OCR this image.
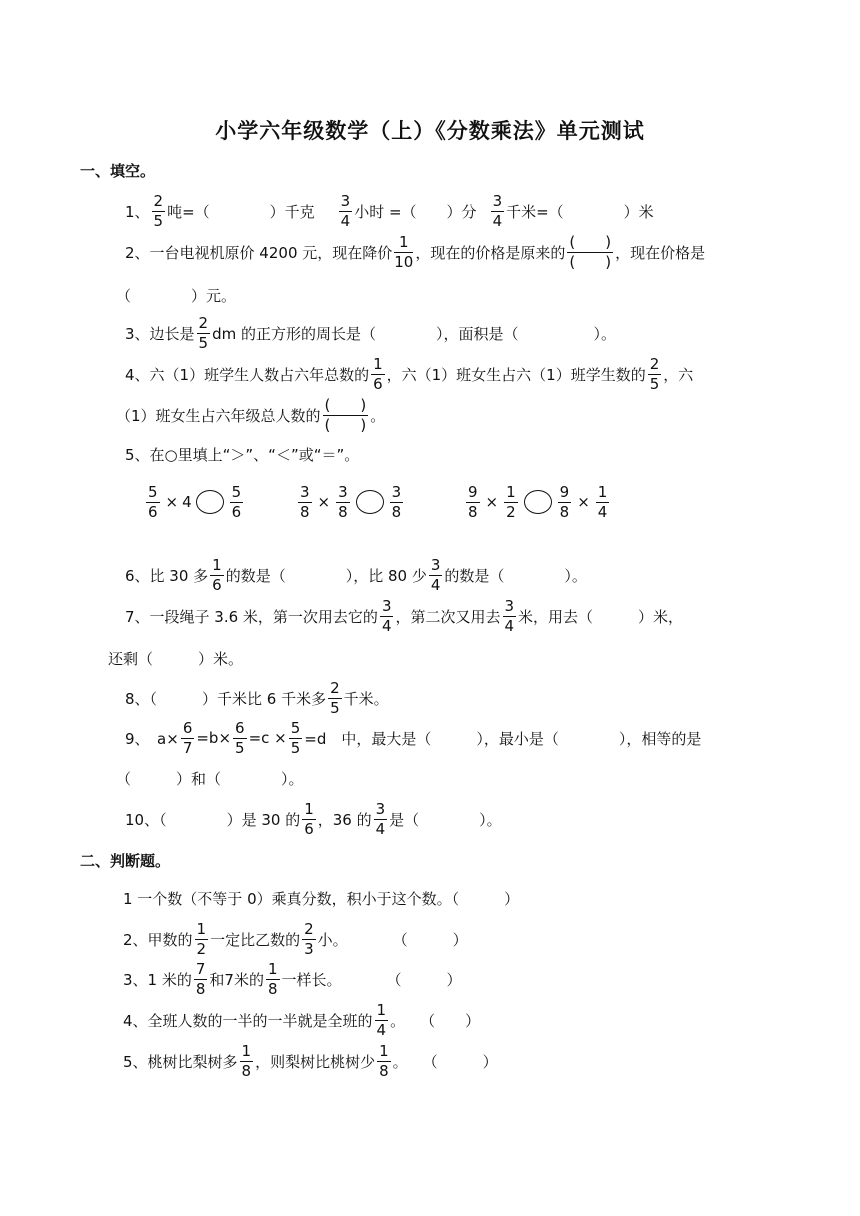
小学六年级数学（上）《分数乘法》单元测试
一、填空。
1、
2
5 吨=（　　　　）千克
3
4 小时 =（　　）分
3
4 千米=（　　　　）米
2、一台电视机原价 4200 元，现在降价
1
10 ，现在的价格是原来的
(　　)
(　　) ，现在价格是
（　　　　）元。
3、边长是
2
5 dm 的正方形的周长是（　　　　），面积是（　　　　　）。
4、六（1）班学生人数占六年总数的
1
6 ，六（1）班女生占六（1）班学生数的
2
5 ，六
（1）班女生占六年级总人数的
(　　)
(　　) 。
5、在○里填上“＞”、“＜”或“＝”。
$\frac{5}{6} \times 4$
5
6	$\frac{3}{8} \times \frac{3}{8}$	3
8	$\frac{9}{8} \times \frac{1}{2}$	$\frac{9}{8} \times \frac{1}{4}$
6、比 30 多
1
6 的数是（　　　　），比 80 少
3
4 的数是（　　　　）。
7、一段绳子 3.6 米，第一次用去它的
3
4 ，第二次又用去
3
4 米，用去（　　　）米，
还剩（　　　）米。
8、（　　　）千米比 6 千米多
2
5 千米。
9、　$a\times \frac{6}{7} =b\times \frac{6}{5} =c \times \frac{5}{5} =d$　中，最大是（　　　），最小是（　　　　），相等的是
（　　　）和（　　　　）。
10、（　　　　）是 30 的
1
6 ，36 的
3
4 是（　　　　）。
二、判断题。
1 一个数（不等于 0）乘真分数，积小于这个数。（　　　）
2、甲数的
1
2 一定比乙数的
2
3 小。　　　　（　　　）
3、1 米的
7
8 和7米的
1
8 一样长。　　　　（　　　）
4、全班人数的一半的一半就是全班的
1
4 。　　（　　）
5、桃树比梨树多
1
8 ，则梨树比桃树少
1
8 。　　（　　　）
